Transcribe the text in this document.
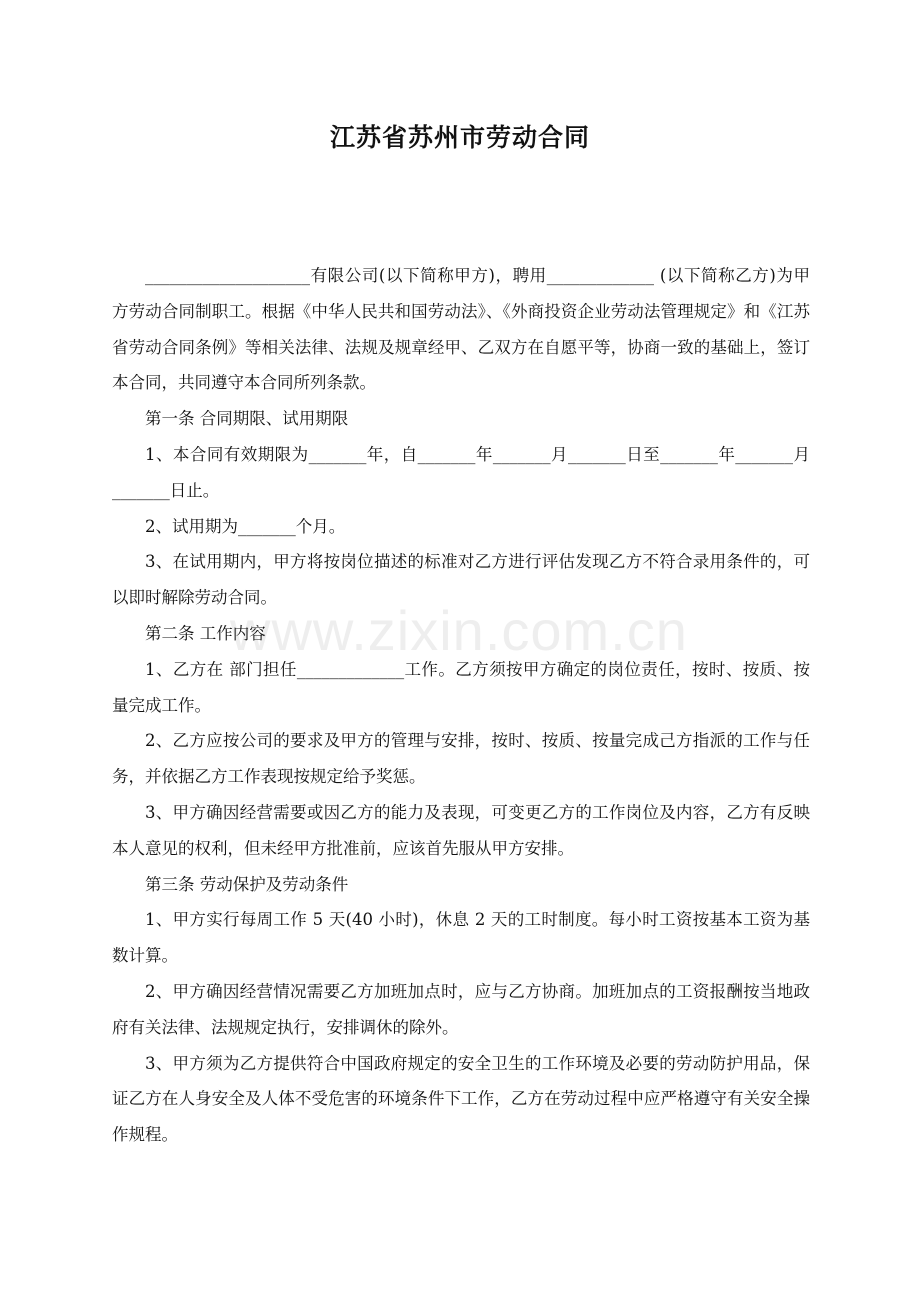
江苏省苏州市劳动合同

____________________有限公司(以下简称甲方)，聘用_____________ (以下简称乙方)为甲方劳动合同制职工。根据《中华人民共和国劳动法》、《外商投资企业劳动法管理规定》和《江苏省劳动合同条例》等相关法律、法规及规章经甲、乙双方在自愿平等，协商一致的基础上，签订本合同，共同遵守本合同所列条款。

第一条 合同期限、试用期限

1、本合同有效期限为_______年，自_______年_______月_______日至_______年_______月_______日止。

2、试用期为_______个月。

3、在试用期内，甲方将按岗位描述的标准对乙方进行评估发现乙方不符合录用条件的，可以即时解除劳动合同。

第二条 工作内容

1、乙方在 部门担任_____________工作。乙方须按甲方确定的岗位责任，按时、按质、按量完成工作。

2、乙方应按公司的要求及甲方的管理与安排，按时、按质、按量完成己方指派的工作与任务，并依据乙方工作表现按规定给予奖惩。

3、甲方确因经营需要或因乙方的能力及表现，可变更乙方的工作岗位及内容，乙方有反映本人意见的权利，但未经甲方批准前，应该首先服从甲方安排。

第三条 劳动保护及劳动条件

1、甲方实行每周工作 5 天(40 小时)，休息 2 天的工时制度。每小时工资按基本工资为基数计算。

2、甲方确因经营情况需要乙方加班加点时，应与乙方协商。加班加点的工资报酬按当地政府有关法律、法规规定执行，安排调休的除外。

3、甲方须为乙方提供符合中国政府规定的安全卫生的工作环境及必要的劳动防护用品，保证乙方在人身安全及人体不受危害的环境条件下工作，乙方在劳动过程中应严格遵守有关安全操作规程。

www.zixin.com.cn
